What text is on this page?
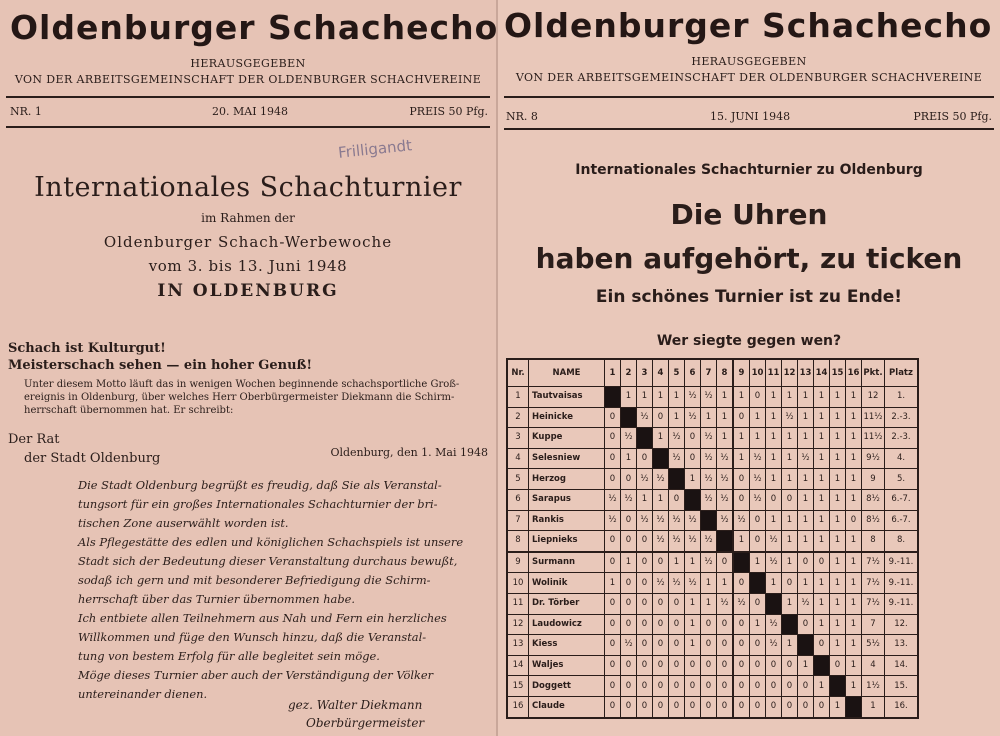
Oldenburger Schachecho
HERAUSGEGEBEN
VON DER ARBEITSGEMEINSCHAFT DER OLDENBURGER SCHACHVEREINE
NR. 1	20. MAI 1948	PREIS 50 Pfg.
Frilligandt
Internationales Schachturnier
im Rahmen der
Oldenburger Schach-Werbewoche
vom 3. bis 13. Juni 1948
IN OLDENBURG
Schach ist Kulturgut!
Meisterschach sehen — ein hoher Genuß!
Unter diesem Motto läuft das in wenigen Wochen beginnende schachsportliche Groß-
ereignis in Oldenburg, über welches Herr Oberbürgermeister Diekmann die Schirm-
herrschaft übernommen hat. Er schreibt:
Der Rat
der Stadt Oldenburg	Oldenburg, den 1. Mai 1948
Die Stadt Oldenburg begrüßt es freudig, daß Sie als Veranstal-
tungsort für ein großes Internationales Schachturnier der bri-
tischen Zone auserwählt worden ist.
Als Pflegestätte des edlen und königlichen Schachspiels ist unsere
Stadt sich der Bedeutung dieser Veranstaltung durchaus bewußt,
sodaß ich gern und mit besonderer Befriedigung die Schirm-
herrschaft über das Turnier übernommen habe.
Ich entbiete allen Teilnehmern aus Nah und Fern ein herzliches
Willkommen und füge den Wunsch hinzu, daß die Veranstal-
tung von bestem Erfolg für alle begleitet sein möge.
Möge dieses Turnier aber auch der Verständigung der Völker
untereinander dienen.
gez. Walter Diekmann
Oberbürgermeister
Oldenburger Schachecho
HERAUSGEGEBEN
VON DER ARBEITSGEMEINSCHAFT DER OLDENBURGER SCHACHVEREINE
NR. 8	15. JUNI 1948	PREIS 50 Pfg.
Internationales Schachturnier zu Oldenburg
Die Uhren
haben aufgehört, zu ticken
Ein schönes Turnier ist zu Ende!
Wer siegte gegen wen?
Nr.	NAME	1	2	3	4	5	6	7	8	9	10	11	12	13	14	15	16	Pkt.	Platz
1	Tautvaisas		1	1	1	1	½	½	1	1	0	1	1	1	1	1	1	12	1.
2	Heinicke	0		½	0	1	½	1	1	0	1	1	½	1	1	1	1	11½	2.-3.
3	Kuppe	0	½		1	½	0	½	1	1	1	1	1	1	1	1	1	11½	2.-3.
4	Selesniew	0	1	0		½	0	½	½	1	½	1	1	½	1	1	1	9½	4.
5	Herzog	0	0	½	½		1	½	½	0	½	1	1	1	1	1	1	9	5.
6	Sarapus	½	½	1	1	0		½	½	0	½	0	0	1	1	1	1	8½	6.-7.
7	Rankis	½	0	½	½	½	½		½	½	0	1	1	1	1	1	0	8½	6.-7.
8	Liepnieks	0	0	0	½	½	½	½		1	0	½	1	1	1	1	1	8	8.
9	Surmann	0	1	0	0	1	1	½	0		1	½	1	0	0	1	1	7½	9.-11.
10	Wolinik	1	0	0	½	½	½	1	1	0		1	0	1	1	1	1	7½	9.-11.
11	Dr. Törber	0	0	0	0	0	1	1	½	½	0		1	½	1	1	1	7½	9.-11.
12	Laudowicz	0	0	0	0	0	1	0	0	0	1	½		0	1	1	1	7	12.
13	Kiess	0	½	0	0	0	1	0	0	0	0	½	1		0	1	1	5½	13.
14	Waljes	0	0	0	0	0	0	0	0	0	0	0	0	1		0	1	4	14.
15	Doggett	0	0	0	0	0	0	0	0	0	0	0	0	0	1		1	1½	15.
16	Claude	0	0	0	0	0	0	0	0	0	0	0	0	0	0	1		1	16.
